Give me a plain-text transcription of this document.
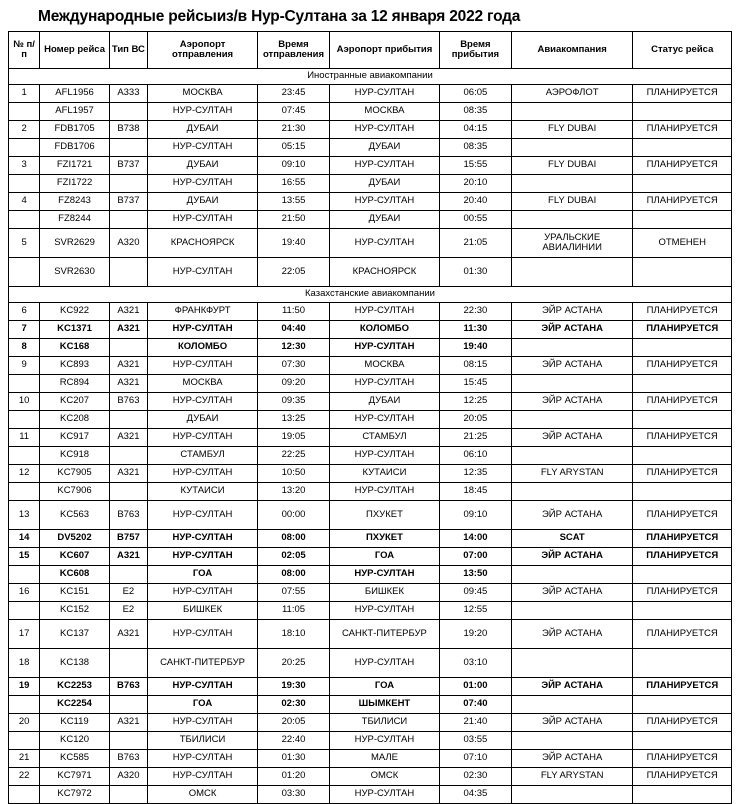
Международные рейсыиз/в Нур-Султана за 12 января 2022 года
№ п/п	Номер рейса	Тип ВС	Аэропорт отправления	Время отправления	Аэропорт прибытия	Время прибытия	Авиакомпания	Статус рейса
Иностранные авиакомпании								
1	AFL1956	A333	МОСКВА	23:45	НУР-СУЛТАН	06:05	АЭРОФЛОТ	ПЛАНИРУЕТСЯ
	AFL1957		НУР-СУЛТАН	07:45	МОСКВА	08:35		
2	FDB1705	B738	ДУБАИ	21:30	НУР-СУЛТАН	04:15	FLY DUBAI	ПЛАНИРУЕТСЯ
	FDB1706		НУР-СУЛТАН	05:15	ДУБАИ	08:35		
3	FZI1721	B737	ДУБАИ	09:10	НУР-СУЛТАН	15:55	FLY DUBAI	ПЛАНИРУЕТСЯ
	FZI1722		НУР-СУЛТАН	16:55	ДУБАИ	20:10		
4	FZ8243	B737	ДУБАИ	13:55	НУР-СУЛТАН	20:40	FLY DUBAI	ПЛАНИРУЕТСЯ
	FZ8244		НУР-СУЛТАН	21:50	ДУБАИ	00:55		
5	SVR2629	A320	КРАСНОЯРСК	19:40	НУР-СУЛТАН	21:05	УРАЛЬСКИЕ АВИАЛИНИИ	ОТМЕНЕН
	SVR2630		НУР-СУЛТАН	22:05	КРАСНОЯРСК	01:30		
Казахстанские авиакомпании								
6	KC922	A321	ФРАНКФУРТ	11:50	НУР-СУЛТАН	22:30	ЭЙР АСТАНА	ПЛАНИРУЕТСЯ
7	KC1371	A321	НУР-СУЛТАН	04:40	КОЛОМБО	11:30	ЭЙР АСТАНА	ПЛАНИРУЕТСЯ
8	KC168		КОЛОМБО	12:30	НУР-СУЛТАН	19:40		
9	KC893	A321	НУР-СУЛТАН	07:30	МОСКВА	08:15	ЭЙР АСТАНА	ПЛАНИРУЕТСЯ
	RC894	A321	МОСКВА	09:20	НУР-СУЛТАН	15:45		
10	KC207	B763	НУР-СУЛТАН	09:35	ДУБАИ	12:25	ЭЙР АСТАНА	ПЛАНИРУЕТСЯ
	KC208		ДУБАИ	13:25	НУР-СУЛТАН	20:05		
11	KC917	A321	НУР-СУЛТАН	19:05	СТАМБУЛ	21:25	ЭЙР АСТАНА	ПЛАНИРУЕТСЯ
	KC918		СТАМБУЛ	22:25	НУР-СУЛТАН	06:10		
12	KC7905	A321	НУР-СУЛТАН	10:50	КУТАИСИ	12:35	FLY ARYSTAN	ПЛАНИРУЕТСЯ
	KC7906		КУТАИСИ	13:20	НУР-СУЛТАН	18:45		
13	KC563	B763	НУР-СУЛТАН	00:00	ПХУКЕТ	09:10	ЭЙР АСТАНА	ПЛАНИРУЕТСЯ
14	DV5202	B757	НУР-СУЛТАН	08:00	ПХУКЕТ	14:00	SCAT	ПЛАНИРУЕТСЯ
15	KC607	A321	НУР-СУЛТАН	02:05	ГОА	07:00	ЭЙР АСТАНА	ПЛАНИРУЕТСЯ
	KC608		ГОА	08:00	НУР-СУЛТАН	13:50		
16	KC151	E2	НУР-СУЛТАН	07:55	БИШКЕК	09:45	ЭЙР АСТАНА	ПЛАНИРУЕТСЯ
	KC152	E2	БИШКЕК	11:05	НУР-СУЛТАН	12:55		
17	KC137	A321	НУР-СУЛТАН	18:10	САНКТ-ПИТЕРБУР	19:20	ЭЙР АСТАНА	ПЛАНИРУЕТСЯ
18	KC138		САНКТ-ПИТЕРБУР	20:25	НУР-СУЛТАН	03:10		
19	KC2253	B763	НУР-СУЛТАН	19:30	ГОА	01:00	ЭЙР АСТАНА	ПЛАНИРУЕТСЯ
	KC2254		ГОА	02:30	ШЫМКЕНТ	07:40		
20	KC119	A321	НУР-СУЛТАН	20:05	ТБИЛИСИ	21:40	ЭЙР АСТАНА	ПЛАНИРУЕТСЯ
	KC120		ТБИЛИСИ	22:40	НУР-СУЛТАН	03:55		
21	KC585	B763	НУР-СУЛТАН	01:30	МАЛЕ	07:10	ЭЙР АСТАНА	ПЛАНИРУЕТСЯ
22	KC7971	A320	НУР-СУЛТАН	01:20	ОМСК	02:30	FLY ARYSTAN	ПЛАНИРУЕТСЯ
	KC7972		ОМСК	03:30	НУР-СУЛТАН	04:35		
